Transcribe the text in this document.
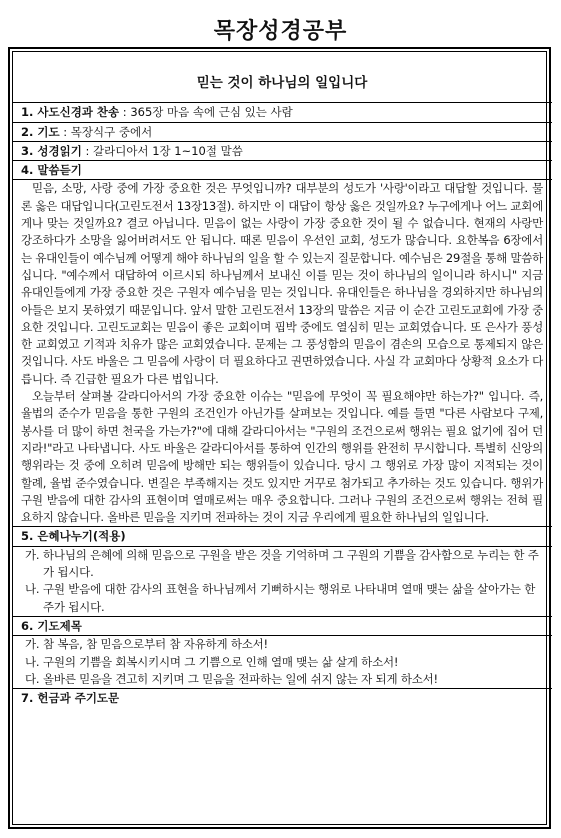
목장성경공부
믿는 것이 하나님의 일입니다
1. 사도신경과 찬송 : 365장 마음 속에 근심 있는 사람
2. 기도 : 목장식구 중에서
3. 성경읽기 : 갈라디아서 1장 1~10절 말씀
4. 말씀듣기
믿음, 소망, 사랑 중에 가장 중요한 것은 무엇입니까? 대부분의 성도가 '사랑'이라고 대답할 것입니다. 물론 옳은 대답입니다(고린도전서 13장13절). 하지만 이 대답이 항상 옳은 것일까요? 누구에게나 어느 교회에게나 맞는 것일까요? 결코 아닙니다. 믿음이 없는 사랑이 가장 중요한 것이 될 수 없습니다. 현재의 사랑만 강조하다가 소망을 잃어버려서도 안 됩니다. 때론 믿음이 우선인 교회, 성도가 많습니다. 요한복음 6장에서는 유대인들이 예수님께 어떻게 해야 하나님의 일을 할 수 있는지 질문합니다. 예수님은 29절을 통해 말씀하십니다. "예수께서 대답하여 이르시되 하나님께서 보내신 이를 믿는 것이 하나님의 일이니라 하시니" 지금 유대인들에게 가장 중요한 것은 구원자 예수님을 믿는 것입니다. 유대인들은 하나님을 경외하지만 하나님의 아들은 보지 못하였기 때문입니다. 앞서 말한 고린도전서 13장의 말씀은 지금 이 순간 고린도교회에 가장 중요한 것입니다. 고린도교회는 믿음이 좋은 교회이며 핍박 중에도 열심히 믿는 교회였습니다. 또 은사가 풍성한 교회였고 기적과 치유가 많은 교회였습니다. 문제는 그 풍성함의 믿음이 겸손의 모습으로 통제되지 않은 것입니다. 사도 바울은 그 믿음에 사랑이 더 필요하다고 권면하였습니다. 사실 각 교회마다 상황적 요소가 다릅니다. 즉 긴급한 필요가 다른 법입니다.
오늘부터 살펴볼 갈라디아서의 가장 중요한 이슈는 "믿음에 무엇이 꼭 필요해야만 하는가?" 입니다. 즉, 율법의 준수가 믿음을 통한 구원의 조건인가 아닌가를 살펴보는 것입니다. 예를 들면 "다른 사람보다 구제, 봉사를 더 많이 하면 천국을 가는가?"에 대해 갈라디아서는 "구원의 조건으로써 행위는 필요 없기에 집어 던지라!"라고 나타냅니다. 사도 바울은 갈라디아서를 통하여 인간의 행위를 완전히 무시합니다. 특별히 신앙의 행위라는 것 중에 오히려 믿음에 방해만 되는 행위들이 있습니다. 당시 그 행위로 가장 많이 지적되는 것이 할례, 율법 준수였습니다. 변질은 부족해지는 것도 있지만 거꾸로 첨가되고 추가하는 것도 있습니다. 행위가 구원 받음에 대한 감사의 표현이며 열매로써는 매우 중요합니다. 그러나 구원의 조건으로써 행위는 전혀 필요하지 않습니다. 올바른 믿음을 지키며 전파하는 것이 지금 우리에게 필요한 하나님의 일입니다.
5. 은혜나누기(적용)
가. 하나님의 은혜에 의해 믿음으로 구원을 받은 것을 기억하며 그 구원의 기쁨을 감사함으로 누리는 한 주가 됩시다.
나. 구원 받음에 대한 감사의 표현을 하나님께서 기뻐하시는 행위로 나타내며 열매 맺는 삶을 살아가는 한 주가 됩시다.
6. 기도제목
가. 참 복음, 참 믿음으로부터 참 자유하게 하소서!
나. 구원의 기쁨을 회복시키시며 그 기쁨으로 인해 열매 맺는 삶 살게 하소서!
다. 올바른 믿음을 견고히 지키며 그 믿음을 전파하는 일에 쉬지 않는 자 되게 하소서!
7. 헌금과 주기도문
